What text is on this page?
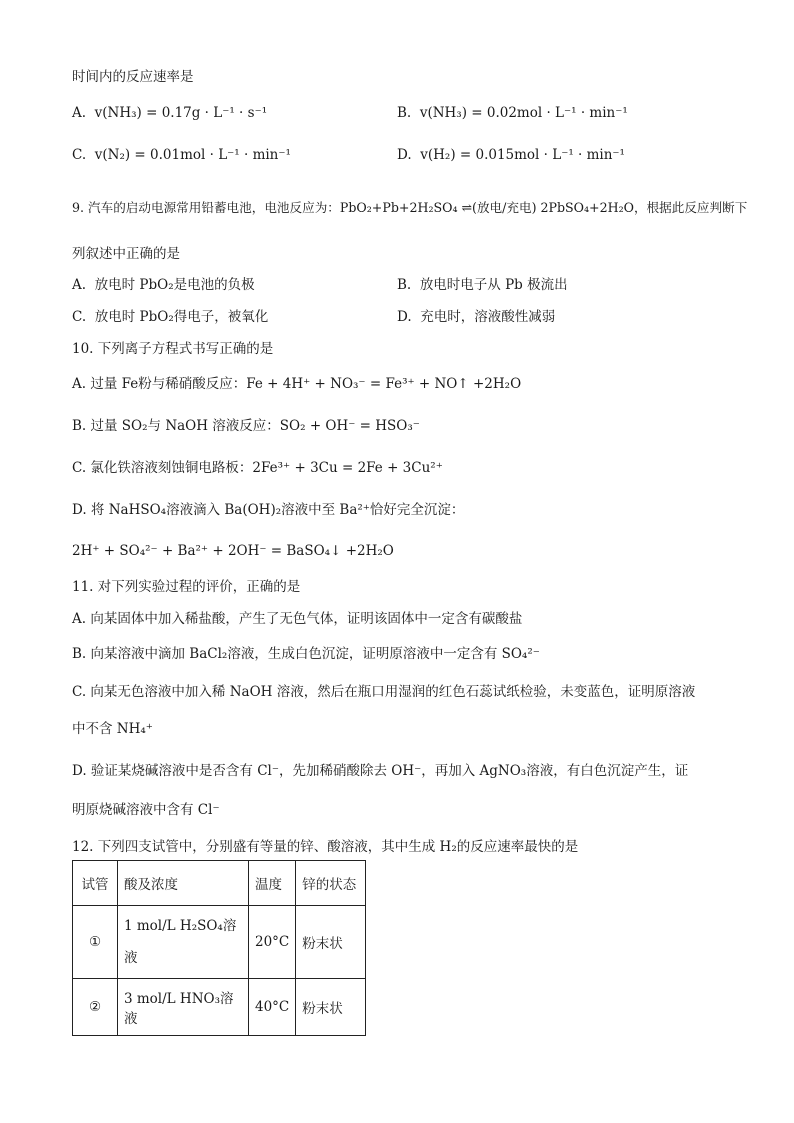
时间内的反应速率是
A. v(NH₃) = 0.17g · L⁻¹ · s⁻¹	B. v(NH₃) = 0.02mol · L⁻¹ · min⁻¹
C. v(N₂) = 0.01mol · L⁻¹ · min⁻¹	D. v(H₂) = 0.015mol · L⁻¹ · min⁻¹
9. 汽车的启动电源常用铅蓄电池，电池反应为：PbO₂+Pb+2H₂SO₄ ⇌(放电/充电) 2PbSO₄+2H₂O，根据此反应判断下
列叙述中正确的是
A. 放电时 PbO₂是电池的负极	B. 放电时电子从 Pb 极流出
C. 放电时 PbO₂得电子，被氧化	D. 充电时，溶液酸性减弱
10. 下列离子方程式书写正确的是
A. 过量 Fe粉与稀硝酸反应：Fe + 4H⁺ + NO₃⁻ = Fe³⁺ + NO↑ +2H₂O
B. 过量 SO₂与 NaOH 溶液反应：SO₂ + OH⁻ = HSO₃⁻
C. 氯化铁溶液刻蚀铜电路板：2Fe³⁺ + 3Cu = 2Fe + 3Cu²⁺
D. 将 NaHSO₄溶液滴入 Ba(OH)₂溶液中至 Ba²⁺恰好完全沉淀：
2H⁺ + SO₄²⁻ + Ba²⁺ + 2OH⁻ = BaSO₄↓ +2H₂O
11. 对下列实验过程的评价，正确的是
A. 向某固体中加入稀盐酸，产生了无色气体，证明该固体中一定含有碳酸盐
B. 向某溶液中滴加 BaCl₂溶液，生成白色沉淀，证明原溶液中一定含有 SO₄²⁻
C. 向某无色溶液中加入稀 NaOH 溶液，然后在瓶口用湿润的红色石蕊试纸检验，未变蓝色，证明原溶液
中不含 NH₄⁺
D. 验证某烧碱溶液中是否含有 Cl⁻，先加稀硝酸除去 OH⁻，再加入 AgNO₃溶液，有白色沉淀产生，证
明原烧碱溶液中含有 Cl⁻
12. 下列四支试管中，分别盛有等量的锌、酸溶液，其中生成 H₂的反应速率最快的是
试管	酸及浓度	温度	锌的状态
①	1 mol/L H₂SO₄溶液	20°C	粉末状
②	3 mol/L HNO₃溶液	40°C	粉末状
